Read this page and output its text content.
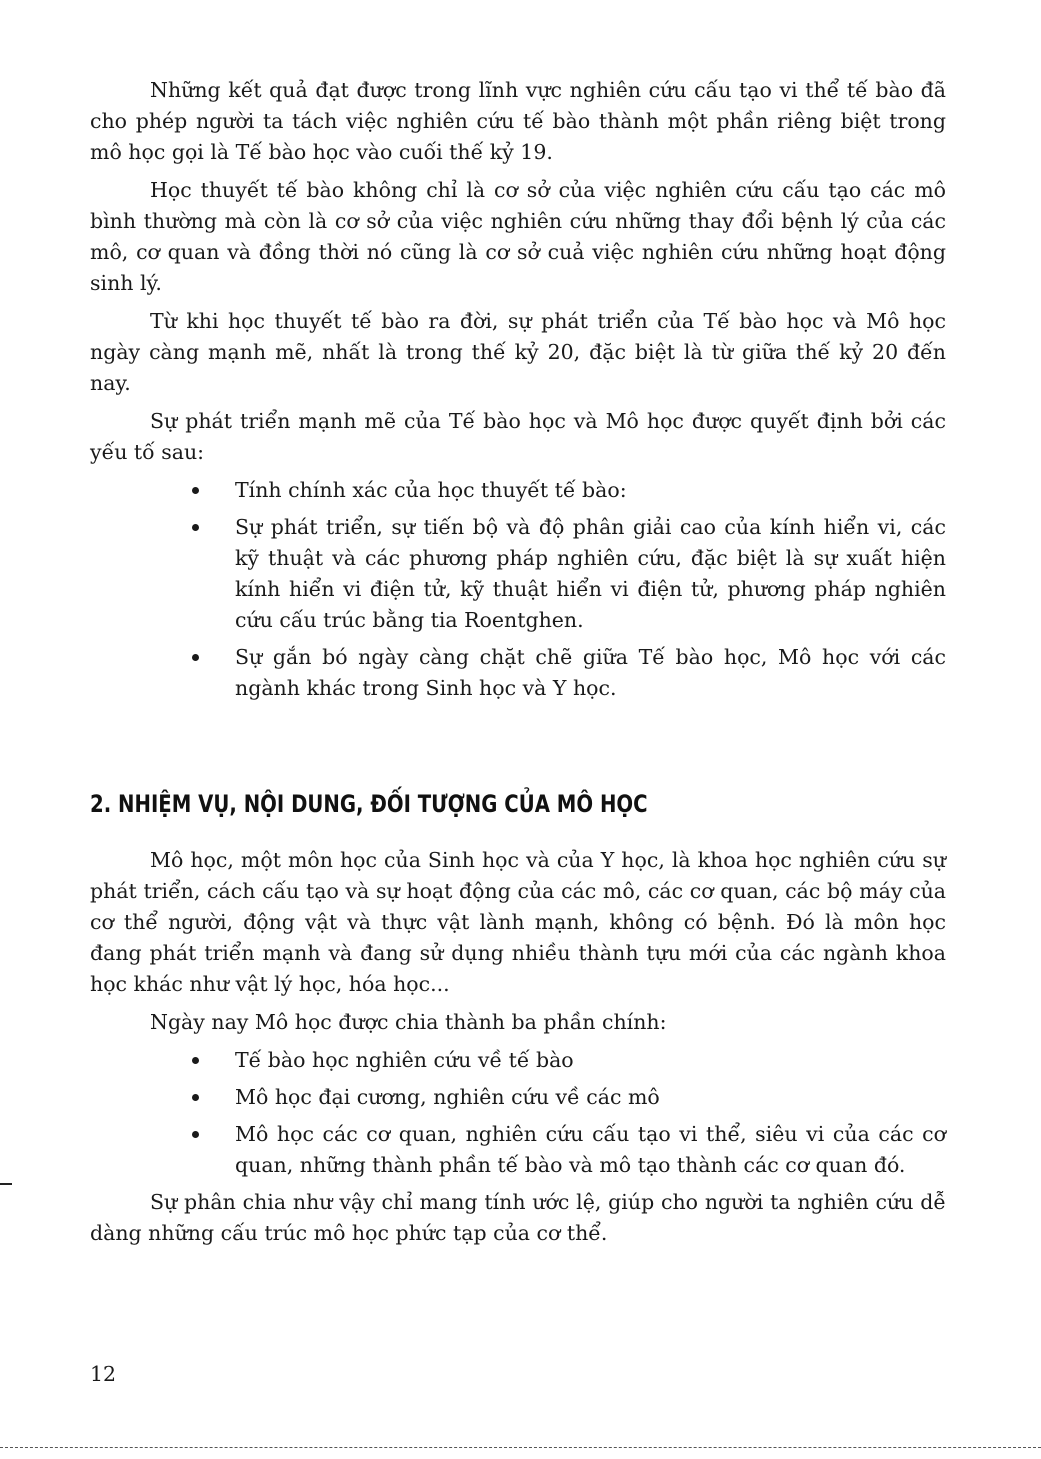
Những kết quả đạt được trong lĩnh vực nghiên cứu cấu tạo vi thể tế bào đã cho phép người ta tách việc nghiên cứu tế bào thành một phần riêng biệt trong mô học gọi là Tế bào học vào cuối thế kỷ 19.

Học thuyết tế bào không chỉ là cơ sở của việc nghiên cứu cấu tạo các mô bình thường mà còn là cơ sở của việc nghiên cứu những thay đổi bệnh lý của các mô, cơ quan và đồng thời nó cũng là cơ sở cuả việc nghiên cứu những hoạt động sinh lý.

Từ khi học thuyết tế bào ra đời, sự phát triển của Tế bào học và Mô học ngày càng mạnh mẽ, nhất là trong thế kỷ 20, đặc biệt là từ giữa thế kỷ 20 đến nay.

Sự phát triển mạnh mẽ của Tế bào học và Mô học được quyết định bởi các yếu tố sau:

Tính chính xác của học thuyết tế bào:
Sự phát triển, sự tiến bộ và độ phân giải cao của kính hiển vi, các kỹ thuật và các phương pháp nghiên cứu, đặc biệt là sự xuất hiện kính hiển vi điện tử, kỹ thuật hiển vi điện tử, phương pháp nghiên cứu cấu trúc bằng tia Roentghen.
Sự gắn bó ngày càng chặt chẽ giữa Tế bào học, Mô học với các ngành khác trong Sinh học và Y học.
2. NHIỆM VỤ, NỘI DUNG, ĐỐI TƯỢNG CỦA MÔ HỌC

Mô học, một môn học của Sinh học và của Y học, là khoa học nghiên cứu sự phát triển, cách cấu tạo và sự hoạt động của các mô, các cơ quan, các bộ máy của cơ thể người, động vật và thực vật lành mạnh, không có bệnh. Đó là môn học đang phát triển mạnh và đang sử dụng nhiều thành tựu mới của các ngành khoa học khác như vật lý học, hóa học...

Ngày nay Mô học được chia thành ba phần chính:

Tế bào học nghiên cứu về tế bào
Mô học đại cương, nghiên cứu về các mô
Mô học các cơ quan, nghiên cứu cấu tạo vi thể, siêu vi của các cơ quan, những thành phần tế bào và mô tạo thành các cơ quan đó.

Sự phân chia như vậy chỉ mang tính ước lệ, giúp cho người ta nghiên cứu dễ dàng những cấu trúc mô học phức tạp của cơ thể.

12
